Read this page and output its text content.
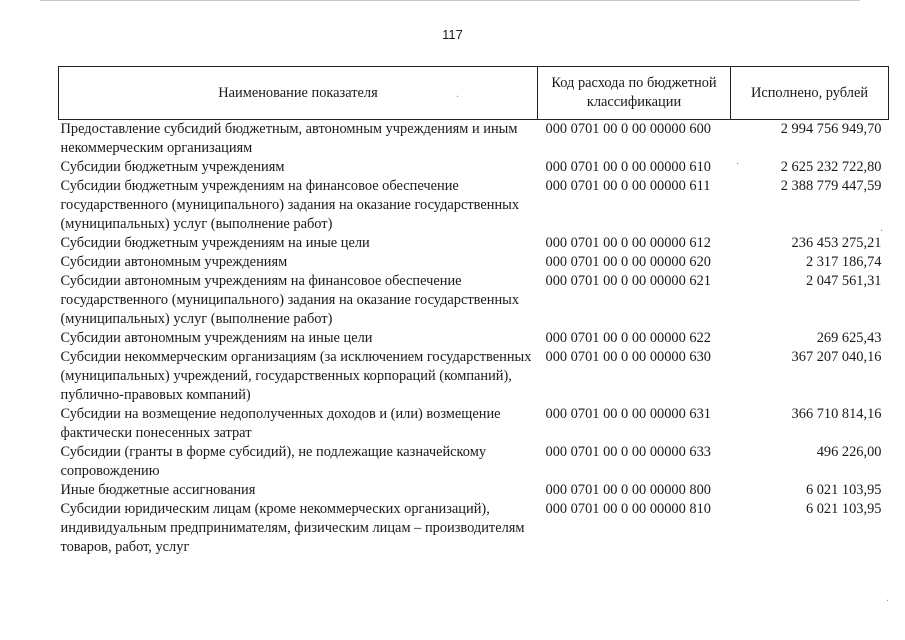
117
Наименование показателя	Код расхода по бюджетной классификации	Исполнено, рублей
Предоставление субсидий бюджетным, автономным учреждениям и иным некоммерческим организациям	000 0701 00 0 00 00000 600	2 994 756 949,70
Субсидии бюджетным учреждениям	000 0701 00 0 00 00000 610	2 625 232 722,80
Субсидии бюджетным учреждениям на финансовое обеспечение государственного (муниципального) задания на оказание государственных (муниципальных) услуг (выполнение работ)	000 0701 00 0 00 00000 611	2 388 779 447,59
Субсидии бюджетным учреждениям на иные цели	000 0701 00 0 00 00000 612	236 453 275,21
Субсидии автономным учреждениям	000 0701 00 0 00 00000 620	2 317 186,74
Субсидии автономным учреждениям на финансовое обеспечение государственного (муниципального) задания на оказание государственных (муниципальных) услуг (выполнение работ)	000 0701 00 0 00 00000 621	2 047 561,31
Субсидии автономным учреждениям на иные цели	000 0701 00 0 00 00000 622	269 625,43
Субсидии некоммерческим организациям (за исключением государственных (муниципальных) учреждений, государственных корпораций (компаний), публично-правовых компаний)	000 0701 00 0 00 00000 630	367 207 040,16
Субсидии на возмещение недополученных доходов и (или) возмещение фактически понесенных затрат	000 0701 00 0 00 00000 631	366 710 814,16
Субсидии (гранты в форме субсидий), не подлежащие казначейскому сопровождению	000 0701 00 0 00 00000 633	496 226,00
Иные бюджетные ассигнования	000 0701 00 0 00 00000 800	6 021 103,95
Субсидии юридическим лицам (кроме некоммерческих организаций), индивидуальным предпринимателям, физическим лицам – производителям товаров, работ, услуг	000 0701 00 0 00 00000 810	6 021 103,95
·
·
·
·
